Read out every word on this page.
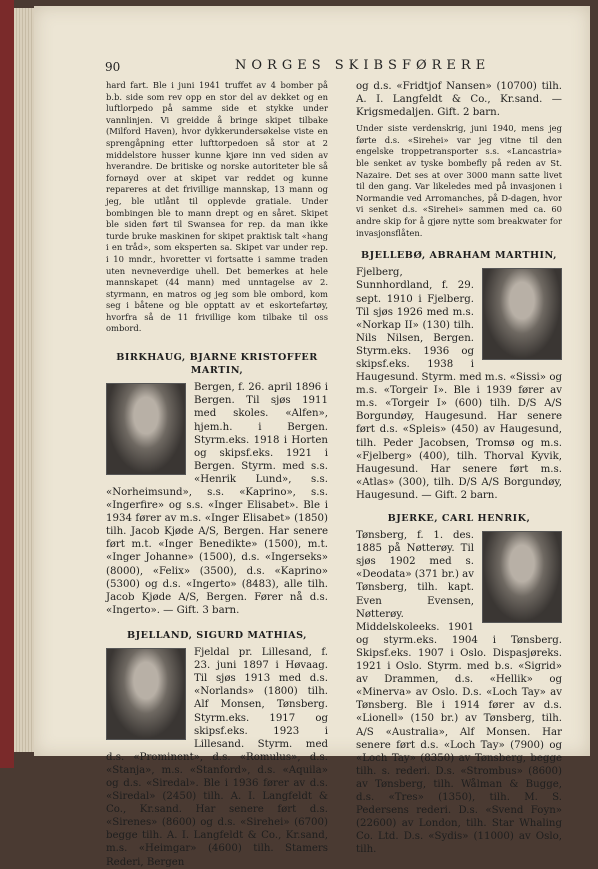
90	NORGES SKIBSFØRERE

hard fart. Ble i juni 1941 truffet av 4 bomber på b.b. side som rev opp en stor del av dekket og en luftlorpedo på samme side et stykke under vannlinjen. Vi greidde å bringe skipet tilbake (Milford Haven), hvor dykkerundersøkelse viste en sprengåpning etter lufttorpedoen så stor at 2 middelstore husser kunne kjøre inn ved siden av hverandre. De britiske og norske autoriteter ble så fornøyd over at skipet var reddet og kunne repareres at det frivillige mannskap, 13 mann og jeg, ble utlånt til opplevde gratiale. Under bombingen ble to mann drept og en såret. Skipet ble siden ført til Swansea for rep. da man ikke turde bruke maskinen for skipet praktisk talt «hang i en tråd», som eksperten sa. Skipet var under rep. i 10 mndr., hvoretter vi fortsatte i samme traden uten nevneverdige uhell. Det bemerkes at hele mannskapet (44 mann) med unntagelse av 2. styrmann, en matros og jeg som ble ombord, kom seg i båtene og ble opptatt av et eskortefartøy, hvorfra så de 11 frivillige kom tilbake til oss ombord.

BIRKHAUG, BJARNE KRISTOFFER MARTIN,

Bergen, f. 26. april 1896 i Bergen. Til sjøs 1911 med skoles. «Alfen», hjem.h. i Bergen. Styrm.eks. 1918 i Horten og skipsf.eks. 1921 i Bergen. Styrm. med s.s. «Henrik Lund», s.s. «Norheimsund», s.s. «Kaprino», s.s. «Ingerfire» og s.s. «Inger Elisabet». Ble i 1934 fører av m.s. «Inger Elisabet» (1850) tilh. Jacob Kjøde A/S, Bergen. Har senere ført m.t. «Inger Benedikte» (1500), m.t. «Inger Johanne» (1500), d.s. «Ingerseks» (8000), «Felix» (3500), d.s. «Kaprino» (5300) og d.s. «Ingerto» (8483), alle tilh. Jacob Kjøde A/S, Bergen. Fører nå d.s. «Ingerto». — Gift. 3 barn.

BJELLAND, SIGURD MATHIAS,

Fjeldal pr. Lillesand, f. 23. juni 1897 i Høvaag. Til sjøs 1913 med d.s. «Norlands» (1800) tilh. Alf Monsen, Tønsberg. Styrm.eks. 1917 og skipsf.eks. 1923 i Lillesand. Styrm. med d.s. «Prominent», d.s. «Romulus», d.s. «Stanja», m.s. «Stanford», d.s. «Aquila» og d.s. «Siredal». Ble i 1936 fører av d.s. «Siredal» (2450) tilh. A. I. Langfeldt & Co., Kr.sand. Har senere ført d.s. «Sirenes» (8600) og d.s. «Sirehei» (6700) begge tilh. A. I. Langfeldt & Co., Kr.sand, m.s. «Heimgar» (4600) tilh. Stamers Rederi, Bergen

og d.s. «Fridtjof Nansen» (10700) tilh. A. I. Langfeldt & Co., Kr.sand. — Krigsmedaljen. Gift. 2 barn.

Under siste verdenskrig, juni 1940, mens jeg førte d.s. «Sirehei» var jeg vitne til den engelske troppetransporter s.s. «Lancastria» ble senket av tyske bombefly på reden av St. Nazaire. Det ses at over 3000 mann satte livet til den gang. Var likeledes med på invasjonen i Normandie ved Arromanches, på D-dagen, hvor vi senket d.s. «Sirehei» sammen med ca. 60 andre skip for å gjøre nytte som breakwater for invasjonsflåten.

BJELLEBØ, ABRAHAM MARTHIN,

Fjelberg, Sunnhordland, f. 29. sept. 1910 i Fjelberg. Til sjøs 1926 med m.s. «Norkap II» (130) tilh. Nils Nilsen, Bergen. Styrm.eks. 1936 og skipsf.eks. 1938 i Haugesund. Styrm. med m.s. «Sissi» og m.s. «Torgeir I». Ble i 1939 fører av m.s. «Torgeir I» (600) tilh. D/S A/S Borgundøy, Haugesund. Har senere ført d.s. «Spleis» (450) av Haugesund, tilh. Peder Jacobsen, Tromsø og m.s. «Fjelberg» (400), tilh. Thorval Kyvik, Haugesund. Har senere ført m.s. «Atlas» (300), tilh. D/S A/S Borgundøy, Haugesund. — Gift. 2 barn.

BJERKE, CARL HENRIK,

Tønsberg, f. 1. des. 1885 på Nøtterøy. Til sjøs 1902 med s. «Deodata» (371 br.) av Tønsberg, tilh. kapt. Even Evensen, Nøtterøy. Middelskoleeks. 1901 og styrm.eks. 1904 i Tønsberg. Skipsf.eks. 1907 i Oslo. Dispasjøreks. 1921 i Oslo. Styrm. med b.s. «Sigrid» av Drammen, d.s. «Hellik» og «Minerva» av Oslo. D.s. «Loch Tay» av Tønsberg. Ble i 1914 fører av d.s. «Lionell» (150 br.) av Tønsberg, tilh. A/S «Australia», Alf Monsen. Har senere ført d.s. «Loch Tay» (7900) og «Loch Tay» (8350) av Tønsberg, begge tilh. s. rederi. D.s. «Strombus» (8600) av Tønsberg, tilh. Wålman & Bugge, d.s. «Tres» (1350), tilh. M. S. Pedersens rederi. D.s. «Svend Foyn» (22600) av London, tilh. Star Whaling Co. Ltd. D.s. «Sydis» (11000) av Oslo, tilh.
